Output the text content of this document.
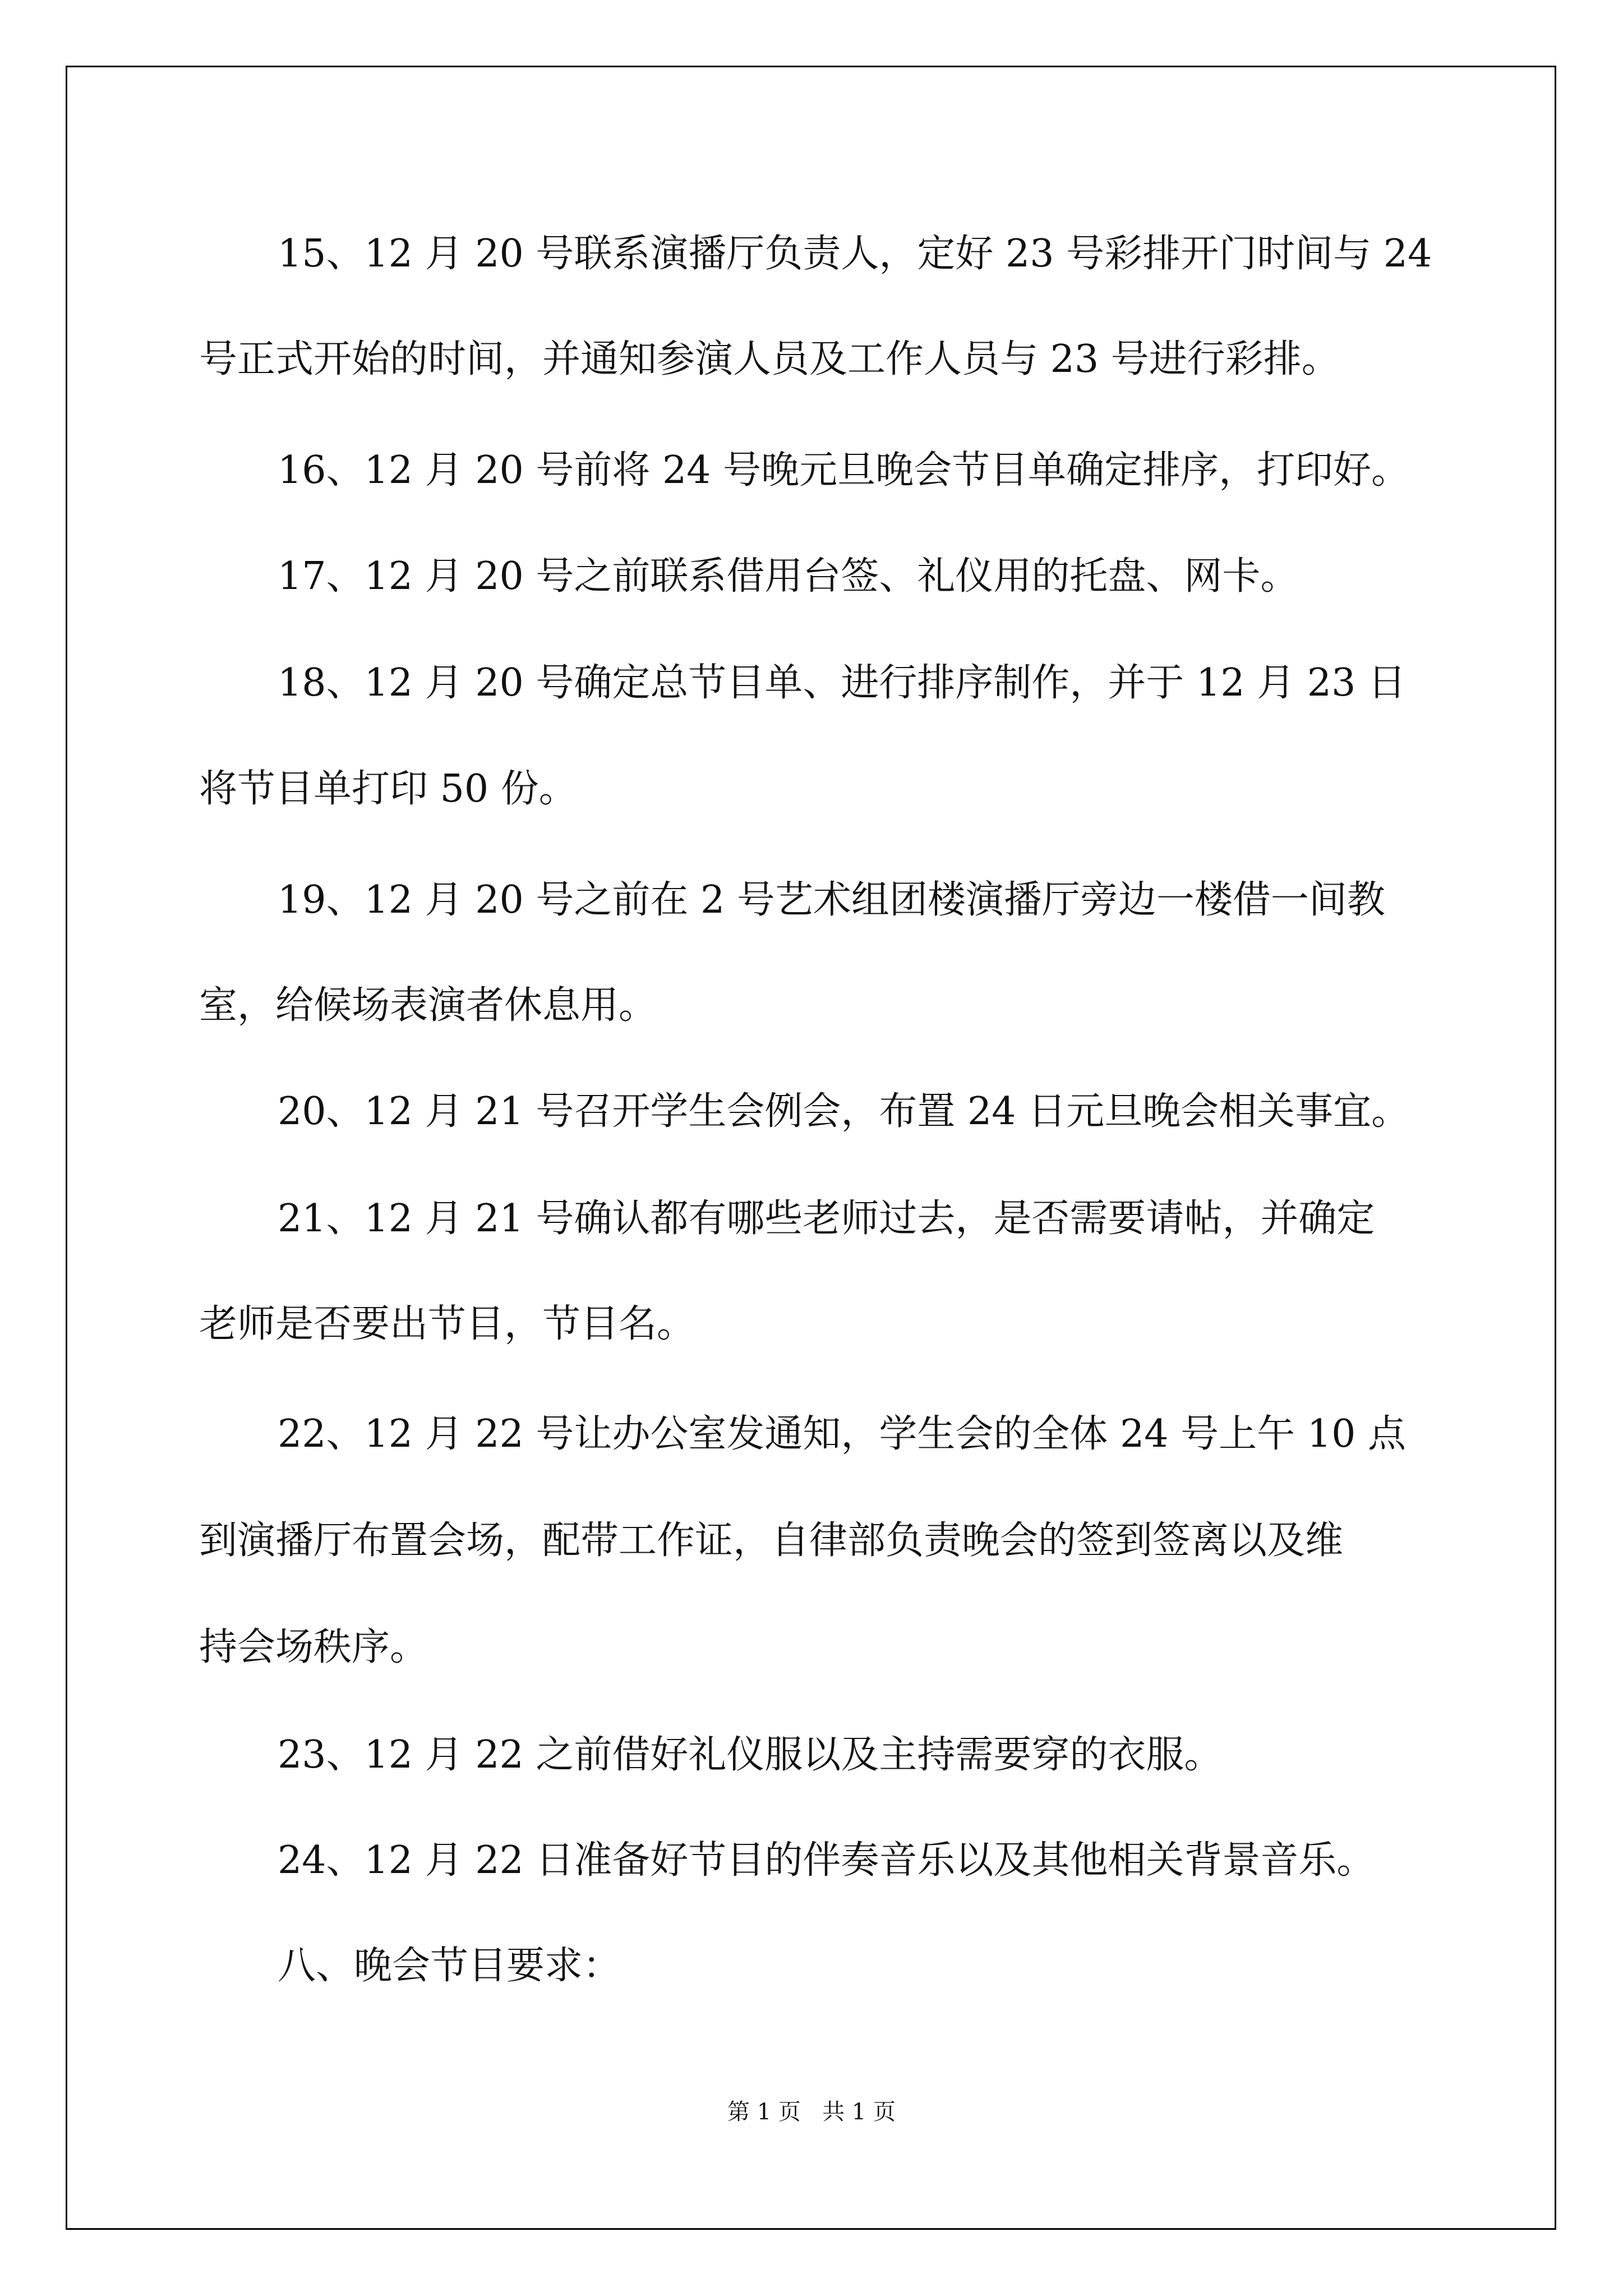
15、12 月 20 号联系演播厅负责人，定好 23 号彩排开门时间与 24

号正式开始的时间，并通知参演人员及工作人员与 23 号进行彩排。

16、12 月 20 号前将 24 号晚元旦晚会节目单确定排序，打印好。

17、12 月 20 号之前联系借用台签、礼仪用的托盘、网卡。

18、12 月 20 号确定总节目单、进行排序制作，并于 12 月 23 日

将节目单打印 50 份。

19、12 月 20 号之前在 2 号艺术组团楼演播厅旁边一楼借一间教

室，给候场表演者休息用。

20、12 月 21 号召开学生会例会，布置 24 日元旦晚会相关事宜。

21、12 月 21 号确认都有哪些老师过去，是否需要请帖，并确定

老师是否要出节目，节目名。

22、12 月 22 号让办公室发通知，学生会的全体 24 号上午 10 点

到演播厅布置会场，配带工作证，自律部负责晚会的签到签离以及维

持会场秩序。

23、12 月 22 之前借好礼仪服以及主持需要穿的衣服。

24、12 月 22 日准备好节目的伴奏音乐以及其他相关背景音乐。

八、晚会节目要求：

第 1 页   共 1 页
